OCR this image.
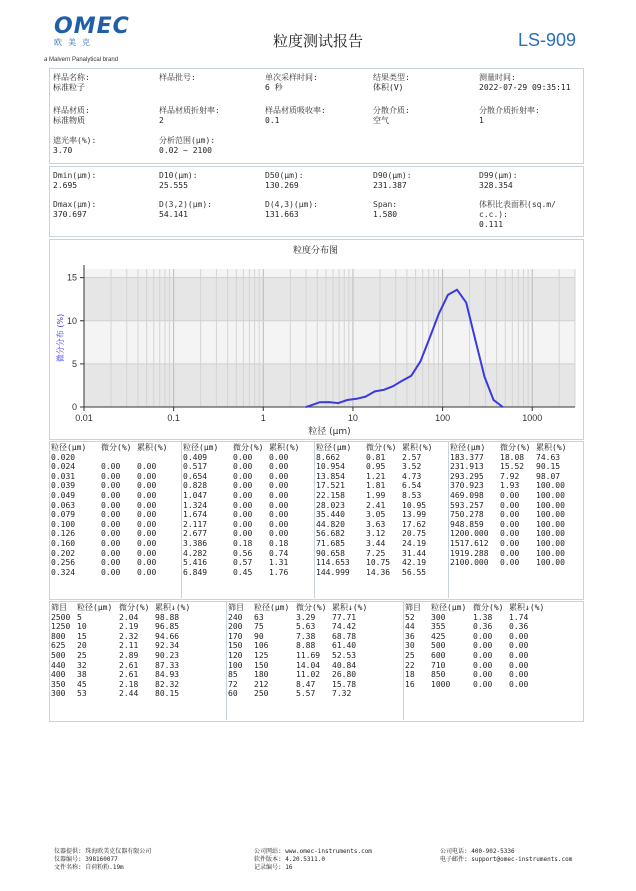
OMEC
欧美克
a Malvern Panalytical brand
粒度测试报告	LS-909
样品名称:
标准粒子
样品批号:	单次采样时间:
6 秒
结果类型:
体积(V)
测量时间:
2022-07-29 09:35:11
样品材质:
标准物质
样品材质折射率:
2
样品材质吸收率:
0.1
分散介质:
空气
分散介质折射率:
1
遮光率(%):
3.70
分析范围(μm):
0.02 ~ 2100
Dmin(μm):
2.695
D10(μm):
25.555
D50(μm):
130.269
D90(μm):
231.387
D99(μm):
328.354
Dmax(μm):
370.697
D(3,2)(μm):
54.141
D(4,3)(μm):
131.663
Span:
1.580
体积比表面积(sq.m/
c.c.):
0.111
粒度分布图
0
5
10
15
0.01	0.1	1	10	100	1000
粒径 (μm)
微分分布 (%)
粒径(μm)	微分(%)	累积(%)
0.020		
0.024	0.00	0.00
0.031	0.00	0.00
0.039	0.00	0.00
0.049	0.00	0.00
0.063	0.00	0.00
0.079	0.00	0.00
0.100	0.00	0.00
0.126	0.00	0.00
0.160	0.00	0.00
0.202	0.00	0.00
0.256	0.00	0.00
0.324	0.00	0.00
粒径(μm)	微分(%)	累积(%)
0.409	0.00	0.00
0.517	0.00	0.00
0.654	0.00	0.00
0.828	0.00	0.00
1.047	0.00	0.00
1.324	0.00	0.00
1.674	0.00	0.00
2.117	0.00	0.00
2.677	0.00	0.00
3.386	0.18	0.18
4.282	0.56	0.74
5.416	0.57	1.31
6.849	0.45	1.76
粒径(μm)	微分(%)	累积(%)
8.662	0.81	2.57
10.954	0.95	3.52
13.854	1.21	4.73
17.521	1.81	6.54
22.158	1.99	8.53
28.023	2.41	10.95
35.440	3.05	13.99
44.820	3.63	17.62
56.682	3.12	20.75
71.685	3.44	24.19
90.658	7.25	31.44
114.653	10.75	42.19
144.999	14.36	56.55
粒径(μm)	微分(%)	累积(%)
183.377	18.08	74.63
231.913	15.52	90.15
293.295	7.92	98.07
370.923	1.93	100.00
469.098	0.00	100.00
593.257	0.00	100.00
750.278	0.00	100.00
948.859	0.00	100.00
1200.000	0.00	100.00
1517.612	0.00	100.00
1919.288	0.00	100.00
2100.000	0.00	100.00

筛目	粒径(μm)	微分(%)	累积↓(%)
2500	5	2.04	98.88
1250	10	2.19	96.85
800	15	2.32	94.66
625	20	2.11	92.34
500	25	2.89	90.23
440	32	2.61	87.33
400	38	2.61	84.93
350	45	2.18	82.32
300	53	2.44	80.15
筛目	粒径(μm)	微分(%)	累积↓(%)
240	63	3.29	77.71
200	75	5.63	74.42
170	90	7.38	68.78
150	106	8.88	61.40
120	125	11.69	52.53
100	150	14.04	40.84
85	180	11.02	26.80
72	212	8.47	15.78
60	250	5.57	7.32
筛目	粒径(μm)	微分(%)	累积↓(%)
52	300	1.38	1.74
44	355	0.36	0.36
36	425	0.00	0.00
30	500	0.00	0.00
25	600	0.00	0.00
22	710	0.00	0.00
18	850	0.00	0.00
16	1000	0.00	0.00

仪器提供: 珠海欧美克仪器有限公司
仪器编号: 398160077
文件名称: 自荷粉粉.19m
公司网站: www.omec-instruments.com
软件版本: 4.20.5311.0
记录编号: 16
公司电话: 400-902-5336
电子邮件: support@omec-instruments.com
